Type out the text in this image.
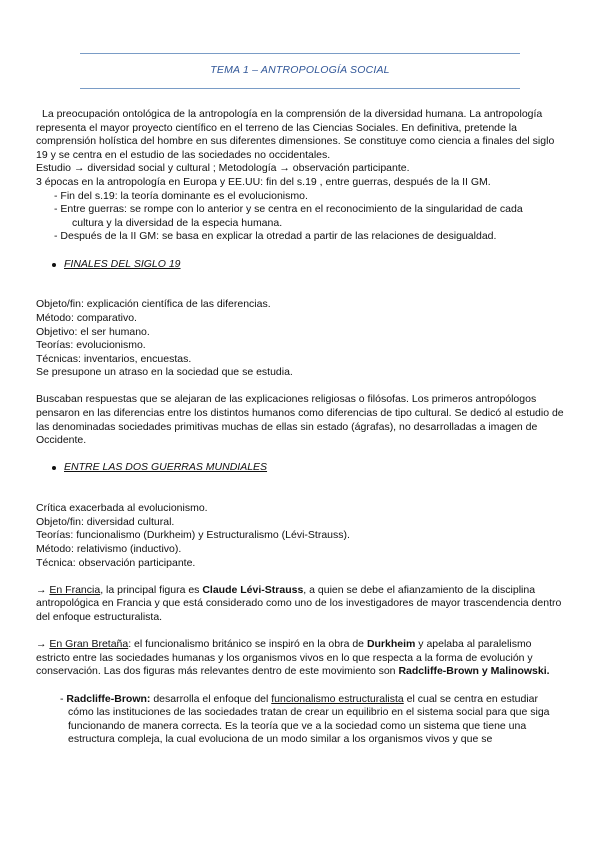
TEMA 1 – ANTROPOLOGÍA SOCIAL

La preocupación ontológica de la antropología en la comprensión de la diversidad humana. La antropología representa el mayor proyecto científico en el terreno de las Ciencias Sociales. En definitiva, pretende la comprensión holística del hombre en sus diferentes dimensiones. Se constituye como ciencia a finales del siglo 19 y se centra en el estudio de las sociedades no occidentales.

Estudio → diversidad social y cultural ; Metodología → observación participante.

3 épocas en la antropología en Europa y EE.UU: fin del s.19 , entre guerras, después de la II GM.

- Fin del s.19: la teoría dominante es el evolucionismo.

- Entre guerras: se rompe con lo anterior y se centra en el reconocimiento de la singularidad de cada
cultura y la diversidad de la especia humana.

- Después de la II GM: se basa en explicar la otredad a partir de las relaciones de desigualdad.

FINALES DEL SIGLO 19

Objeto/fin: explicación científica de las diferencias.

Método: comparativo.

Objetivo: el ser humano.

Teorías: evolucionismo.

Técnicas: inventarios, encuestas.

Se presupone un atraso en la sociedad que se estudia.

Buscaban respuestas que se alejaran de las explicaciones religiosas o filósofas. Los primeros antropólogos pensaron en las diferencias entre los distintos humanos como diferencias de tipo cultural. Se dedicó al estudio de las denominadas sociedades primitivas muchas de ellas sin estado (ágrafas), no desarrolladas a imagen de Occidente.

ENTRE LAS DOS GUERRAS MUNDIALES

Crítica exacerbada al evolucionismo.

Objeto/fin: diversidad cultural.

Teorías: funcionalismo (Durkheim) y Estructuralismo (Lévi-Strauss).

Método: relativismo (inductivo).

Técnica: observación participante.

→ En Francia, la principal figura es Claude Lévi-Strauss, a quien se debe el afianzamiento de la disciplina antropológica en Francia y que está considerado como uno de los investigadores de mayor trascendencia dentro del enfoque estructuralista.

→ En Gran Bretaña: el funcionalismo británico se inspiró en la obra de Durkheim y apelaba al paralelismo estricto entre las sociedades humanas y los organismos vivos en lo que respecta a la forma de evolución y conservación. Las dos figuras más relevantes dentro de este movimiento son Radcliffe-Brown y Malinowski.

- Radcliffe-Brown: desarrolla el enfoque del funcionalismo estructuralista el cual se centra en estudiar cómo las instituciones de las sociedades tratan de crear un equilibrio en el sistema social para que siga funcionando de manera correcta. Es la teoría que ve a la sociedad como un sistema que tiene una estructura compleja, la cual evoluciona de un modo similar a los organismos vivos y que se
